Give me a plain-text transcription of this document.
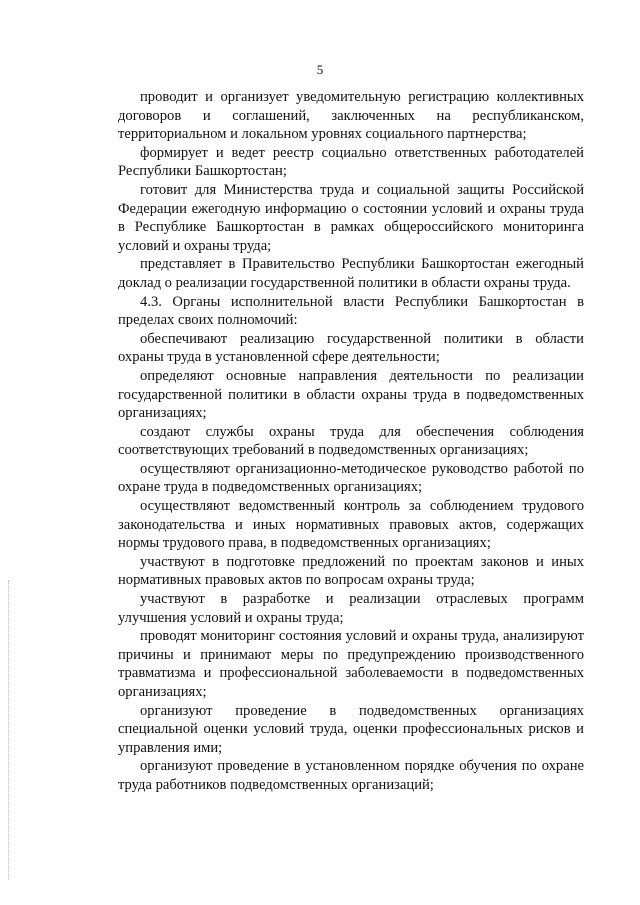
5

проводит и организует уведомительную регистрацию коллективных договоров и соглашений, заключенных на республиканском, территориальном и локальном уровнях социального партнерства;

формирует и ведет реестр социально ответственных работодателей Республики Башкортостан;

готовит для Министерства труда и социальной защиты Российской Федерации ежегодную информацию о состоянии условий и охраны труда в Республике Башкортостан в рамках общероссийского мониторинга условий и охраны труда;

представляет в Правительство Республики Башкортостан ежегодный доклад о реализации государственной политики в области охраны труда.

4.3. Органы исполнительной власти Республики Башкортостан в пределах своих полномочий:

обеспечивают реализацию государственной политики в области охраны труда в установленной сфере деятельности;

определяют основные направления деятельности по реализации государственной политики в области охраны труда в подведомственных организациях;

создают службы охраны труда для обеспечения соблюдения соответствующих требований в подведомственных организациях;

осуществляют организационно-методическое руководство работой по охране труда в подведомственных организациях;

осуществляют ведомственный контроль за соблюдением трудового законодательства и иных нормативных правовых актов, содержащих нормы трудового права, в подведомственных организациях;

участвуют в подготовке предложений по проектам законов и иных нормативных правовых актов по вопросам охраны труда;

участвуют в разработке и реализации отраслевых программ улучшения условий и охраны труда;

проводят мониторинг состояния условий и охраны труда, анализируют причины и принимают меры по предупреждению производственного травматизма и профессиональной заболеваемости в подведомственных организациях;

организуют проведение в подведомственных организациях специальной оценки условий труда, оценки профессиональных рисков и управления ими;

организуют проведение в установленном порядке обучения по охране труда работников подведомственных организаций;
